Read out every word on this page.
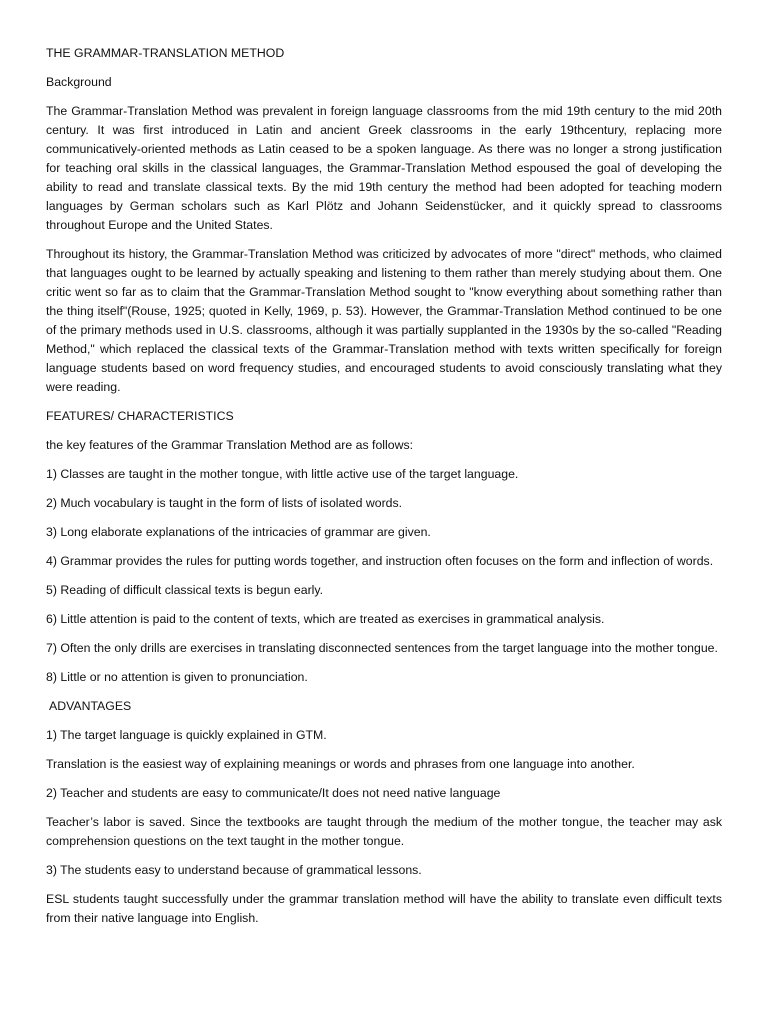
THE GRAMMAR-TRANSLATION METHOD
Background
The Grammar-Translation Method was prevalent in foreign language classrooms from the mid 19th century to the mid 20th century. It was first introduced in Latin and ancient Greek classrooms in the early 19thcentury, replacing more communicatively-oriented methods as Latin ceased to be a spoken language. As there was no longer a strong justification for teaching oral skills in the classical languages, the Grammar-Translation Method espoused the goal of developing the ability to read and translate classical texts. By the mid 19th century the method had been adopted for teaching modern languages by German scholars such as Karl Plötz and Johann Seidenstücker, and it quickly spread to classrooms throughout Europe and the United States.
Throughout its history, the Grammar-Translation Method was criticized by advocates of more "direct" methods, who claimed that languages ought to be learned by actually speaking and listening to them rather than merely studying about them. One critic went so far as to claim that the Grammar-Translation Method sought to "know everything about something rather than the thing itself"(Rouse, 1925; quoted in Kelly, 1969, p. 53). However, the Grammar-Translation Method continued to be one of the primary methods used in U.S. classrooms, although it was partially supplanted in the 1930s by the so-called "Reading Method," which replaced the classical texts of the Grammar-Translation method with texts written specifically for foreign language students based on word frequency studies, and encouraged students to avoid consciously translating what they were reading.
FEATURES/ CHARACTERISTICS
the key features of the Grammar Translation Method are as follows:
1) Classes are taught in the mother tongue, with little active use of the target language.
2) Much vocabulary is taught in the form of lists of isolated words.
3) Long elaborate explanations of the intricacies of grammar are given.
4) Grammar provides the rules for putting words together, and instruction often focuses on the form and inflection of words.
5) Reading of difficult classical texts is begun early.
6) Little attention is paid to the content of texts, which are treated as exercises in grammatical analysis.
7) Often the only drills are exercises in translating disconnected sentences from the target language into the mother tongue.
8) Little or no attention is given to pronunciation.
ADVANTAGES
1) The target language is quickly explained in GTM.
Translation is the easiest way of explaining meanings or words and phrases from one language into another.
2) Teacher and students are easy to communicate/It does not need native language
Teacher’s labor is saved. Since the textbooks are taught through the medium of the mother tongue, the teacher may ask comprehension questions on the text taught in the mother tongue.
3) The students easy to understand because of grammatical lessons.
ESL students taught successfully under the grammar translation method will have the ability to translate even difficult texts from their native language into English.
